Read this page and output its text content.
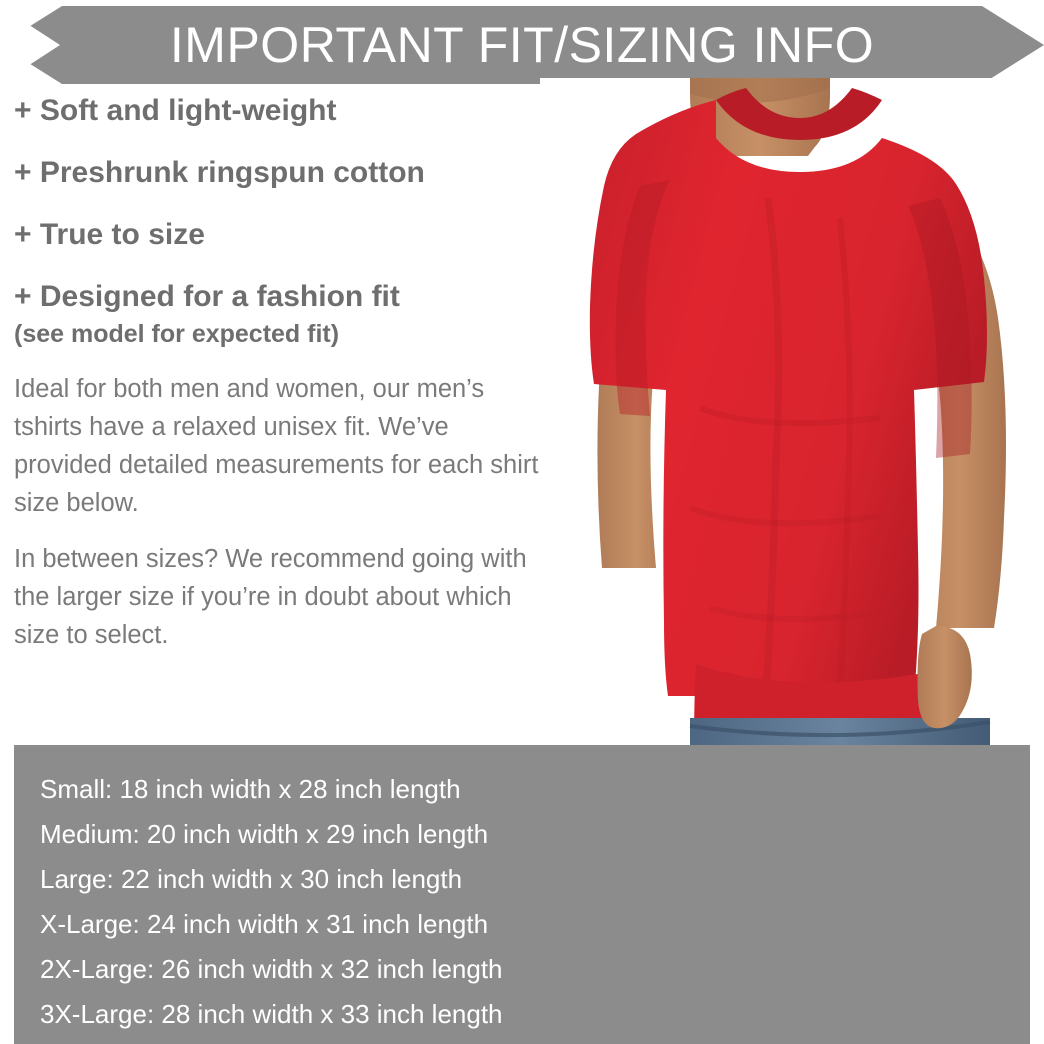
IMPORTANT FIT/SIZING INFO
+ Soft and light-weight
+ Preshrunk ringspun cotton
+ True to size
+ Designed for a fashion fit
(see model for expected fit)
Ideal for both men and women, our men’s tshirts have a relaxed unisex fit. We’ve provided detailed measurements for each shirt size below.
In between sizes? We recommend going with the larger size if you’re in doubt about which size to select.
Small: 18 inch width x 28 inch length
Medium: 20 inch width x 29 inch length
Large: 22 inch width x 30 inch length
X-Large: 24 inch width x 31 inch length
2X-Large: 26 inch width x 32 inch length
3X-Large: 28 inch width x 33 inch length
